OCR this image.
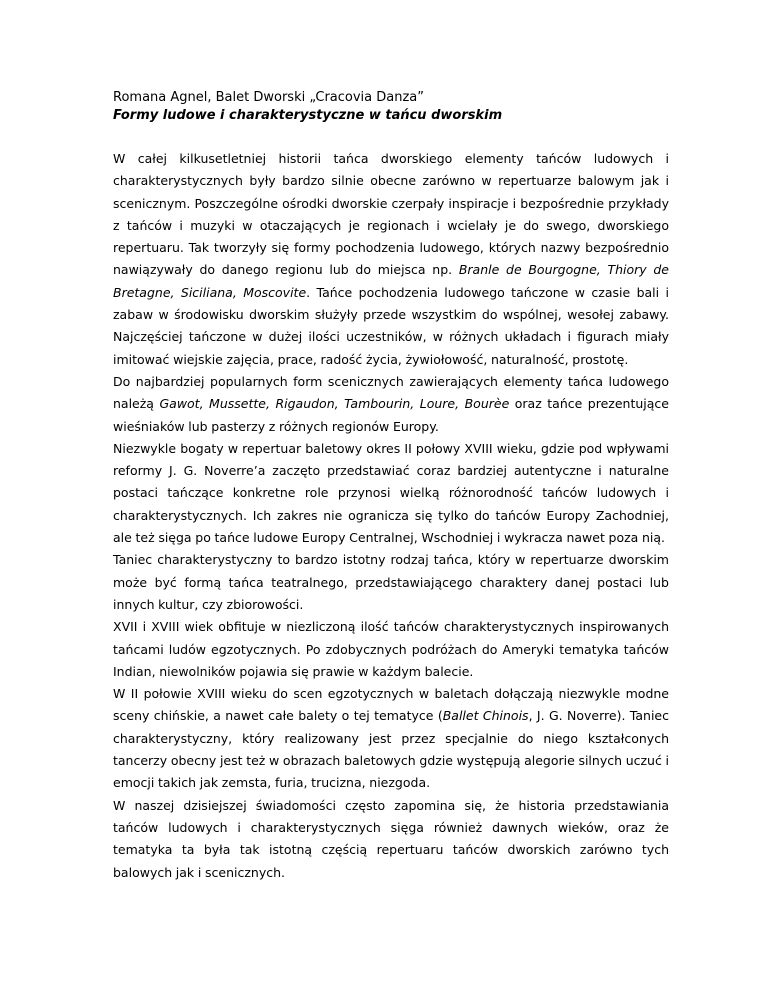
Romana Agnel, Balet Dworski „Cracovia Danza”
Formy ludowe i charakterystyczne w tańcu dworskim

W całej kilkusetletniej historii tańca dworskiego elementy tańców ludowych i charakterystycznych były bardzo silnie obecne zarówno w repertuarze balowym jak i scenicznym. Poszczególne ośrodki dworskie czerpały inspiracje i bezpośrednie przykłady z tańców i muzyki w otaczających je regionach i wcielały je do swego, dworskiego repertuaru. Tak tworzyły się formy pochodzenia ludowego, których nazwy bezpośrednio nawiązywały do danego regionu lub do miejsca np. Branle de Bourgogne, Thiory de Bretagne, Siciliana, Moscovite. Tańce pochodzenia ludowego tańczone w czasie bali i zabaw w środowisku dworskim służyły przede wszystkim do wspólnej, wesołej zabawy. Najczęściej tańczone w dużej ilości uczestników, w różnych układach i figurach miały imitować wiejskie zajęcia, prace, radość życia, żywiołowość, naturalność, prostotę.

Do najbardziej popularnych form scenicznych zawierających elementy tańca ludowego należą Gawot, Mussette, Rigaudon, Tambourin, Loure, Bourèe oraz tańce prezentujące wieśniaków lub pasterzy z różnych regionów Europy.

Niezwykle bogaty w repertuar baletowy okres II połowy XVIII wieku, gdzie pod wpływami reformy J. G. Noverre’a zaczęto przedstawiać coraz bardziej autentyczne i naturalne postaci tańczące konkretne role przynosi wielką różnorodność tańców ludowych i charakterystycznych. Ich zakres nie ogranicza się tylko do tańców Europy Zachodniej, ale też sięga po tańce ludowe Europy Centralnej, Wschodniej i wykracza nawet poza nią.

Taniec charakterystyczny to bardzo istotny rodzaj tańca, który w repertuarze dworskim może być formą tańca teatralnego, przedstawiającego charaktery danej postaci lub innych kultur, czy zbiorowości.

XVII i XVIII wiek obfituje w niezliczoną ilość tańców charakterystycznych inspirowanych tańcami ludów egzotycznych. Po zdobycznych podróżach do Ameryki tematyka tańców Indian, niewolników pojawia się prawie w każdym balecie.

W II połowie XVIII wieku do scen egzotycznych w baletach dołączają niezwykle modne sceny chińskie, a nawet całe balety o tej tematyce (Ballet Chinois, J. G. Noverre). Taniec charakterystyczny, który realizowany jest przez specjalnie do niego kształconych tancerzy obecny jest też w obrazach baletowych gdzie występują alegorie silnych uczuć i emocji takich jak zemsta, furia, trucizna, niezgoda.

W naszej dzisiejszej świadomości często zapomina się, że historia przedstawiania tańców ludowych i charakterystycznych sięga również dawnych wieków, oraz że tematyka ta była tak istotną częścią repertuaru tańców dworskich zarówno tych balowych jak i scenicznych.
